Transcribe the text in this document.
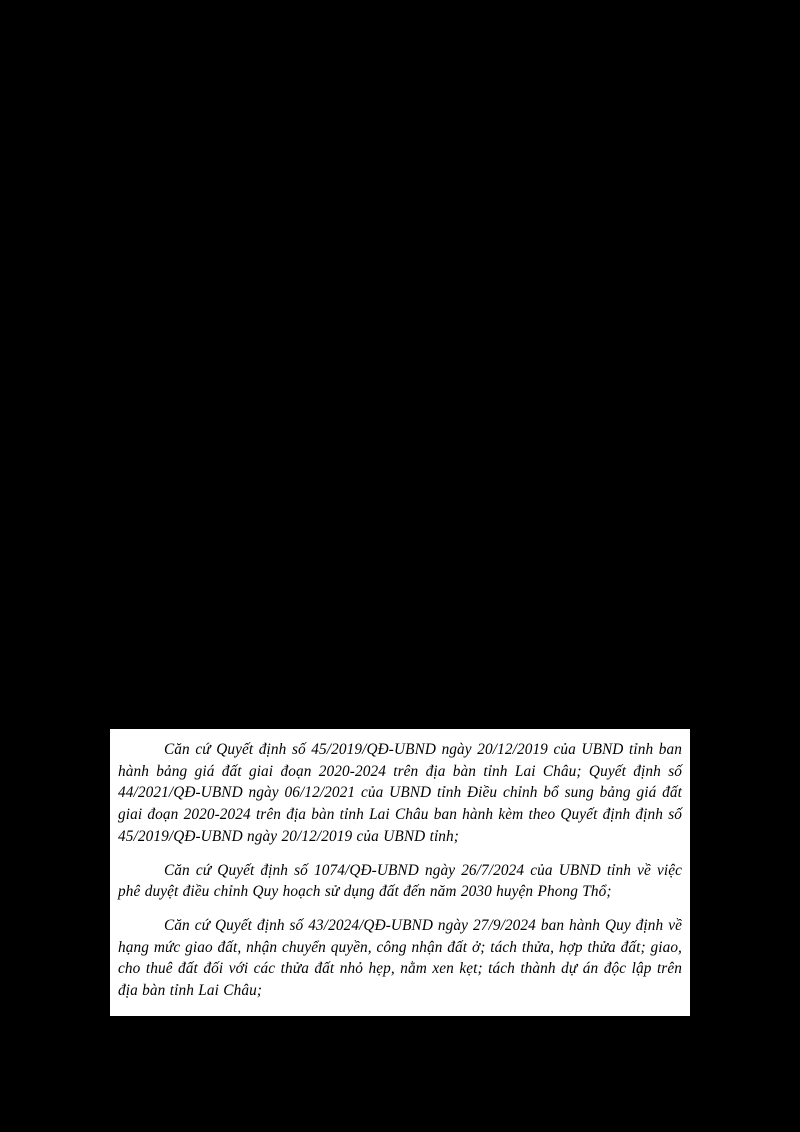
Căn cứ Quyết định số 45/2019/QĐ-UBND ngày 20/12/2019 của UBND tỉnh ban hành bảng giá đất giai đoạn 2020-2024 trên địa bàn tỉnh Lai Châu; Quyết định số 44/2021/QĐ-UBND ngày 06/12/2021 của UBND tỉnh Điều chỉnh bổ sung bảng giá đất giai đoạn 2020-2024 trên địa bàn tỉnh Lai Châu ban hành kèm theo Quyết định định số 45/2019/QĐ-UBND ngày 20/12/2019 của UBND tỉnh;

Căn cứ Quyết định số 1074/QĐ-UBND ngày 26/7/2024 của UBND tỉnh về việc phê duyệt điều chỉnh Quy hoạch sử dụng đất đến năm 2030 huyện Phong Thổ;

Căn cứ Quyết định số 43/2024/QĐ-UBND ngày 27/9/2024 ban hành Quy định về hạng mức giao đất, nhận chuyển quyền, công nhận đất ở; tách thửa, hợp thửa đất; giao, cho thuê đất đối với các thửa đất nhỏ hẹp, nằm xen kẹt; tách thành dự án độc lập trên địa bàn tỉnh Lai Châu;
